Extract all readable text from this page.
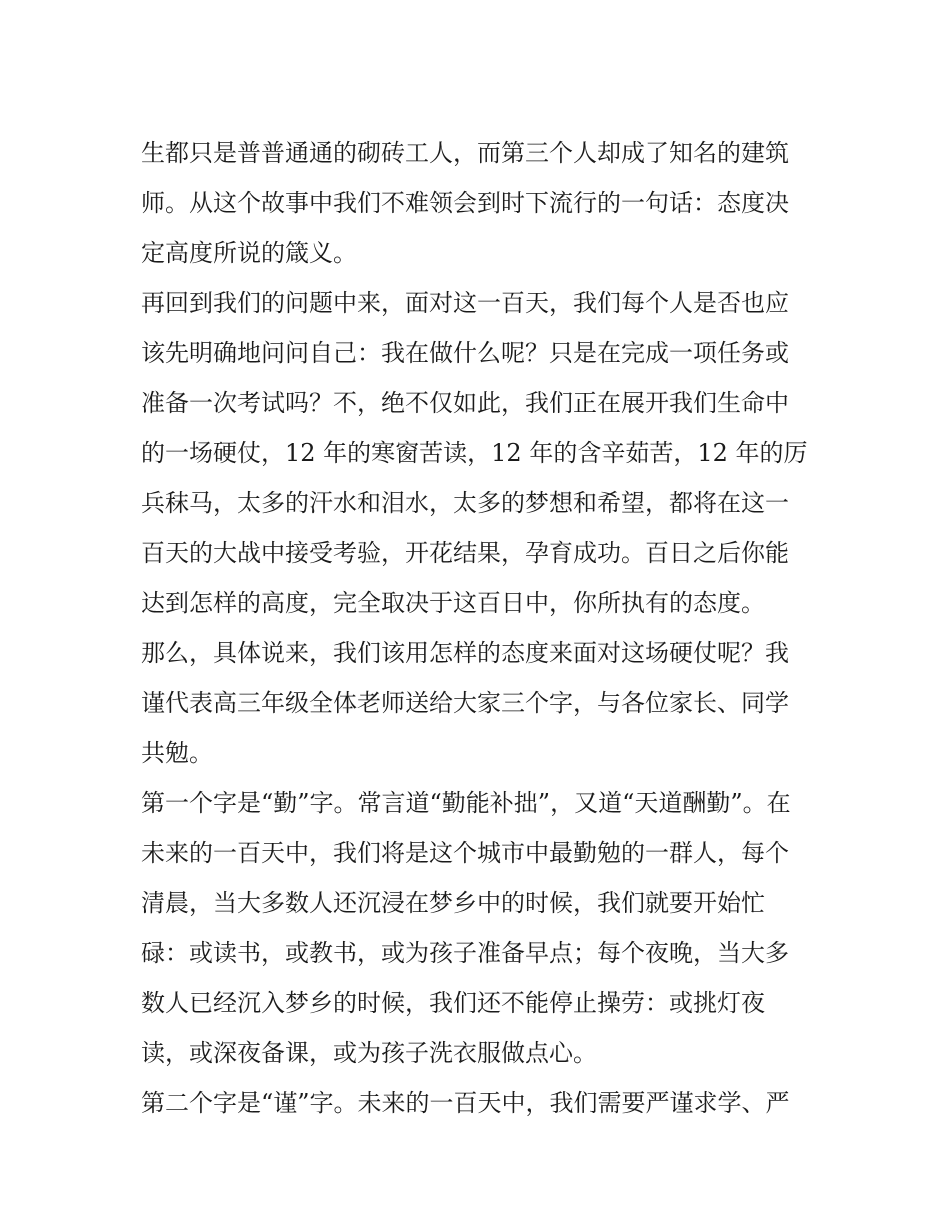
生都只是普普通通的砌砖工人，而第三个人却成了知名的建筑

师。从这个故事中我们不难领会到时下流行的一句话：态度决

定高度所说的箴义。

再回到我们的问题中来，面对这一百天，我们每个人是否也应

该先明确地问问自己：我在做什么呢？只是在完成一项任务或

准备一次考试吗？不，绝不仅如此，我们正在展开我们生命中

的一场硬仗，12 年的寒窗苦读，12 年的含辛茹苦，12 年的厉

兵秣马，太多的汗水和泪水，太多的梦想和希望，都将在这一

百天的大战中接受考验，开花结果，孕育成功。百日之后你能

达到怎样的高度，完全取决于这百日中，你所执有的态度。

那么，具体说来，我们该用怎样的态度来面对这场硬仗呢？我

谨代表高三年级全体老师送给大家三个字，与各位家长、同学

共勉。

第一个字是“勤”字。常言道“勤能补拙”，又道“天道酬勤”。在

未来的一百天中，我们将是这个城市中最勤勉的一群人，每个

清晨，当大多数人还沉浸在梦乡中的时候，我们就要开始忙

碌：或读书，或教书，或为孩子准备早点；每个夜晚，当大多

数人已经沉入梦乡的时候，我们还不能停止操劳：或挑灯夜

读，或深夜备课，或为孩子洗衣服做点心。

第二个字是“谨”字。未来的一百天中，我们需要严谨求学、严
